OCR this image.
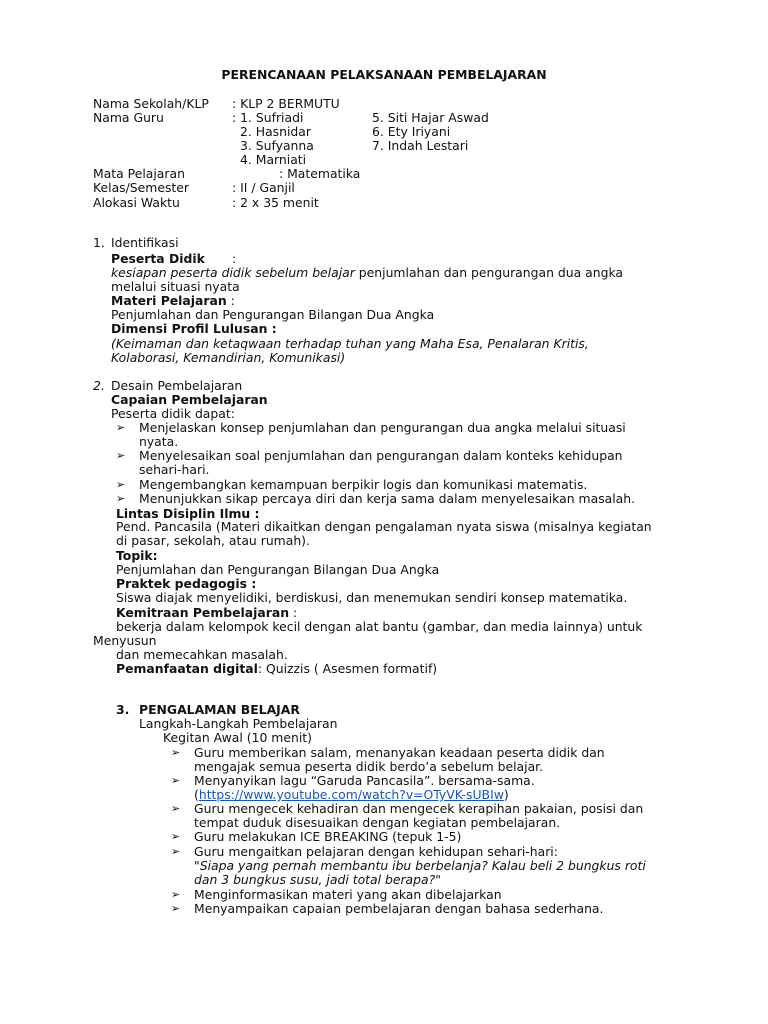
PERENCANAAN PELAKSANAAN PEMBELAJARAN
Nama Sekolah/KLP : KLP 2 BERMUTU
Nama Guru	: 1. Sufriadi
2. Hasnidar
3. Sufyanna
4. Marniati
5. Siti Hajar Aswad
6. Ety Iriyani
7. Indah Lestari
Mata Pelajaran	: Matematika
Kelas/Semester	: II / Ganjil
Alokasi Waktu	: 2 x 35 menit
1. Identifikasi
Peserta Didik :
kesiapan peserta didik sebelum belajar penjumlahan dan pengurangan dua angka
melalui situasi nyata
Materi Pelajaran :
Penjumlahan dan Pengurangan Bilangan Dua Angka
Dimensi Profil Lulusan :
(Keimaman dan ketaqwaan terhadap tuhan yang Maha Esa, Penalaran Kritis,
Kolaborasi, Kemandirian, Komunikasi)
2. Desain Pembelajaran
Capaian Pembelajaran
Peserta didik dapat:
➢ Menjelaskan konsep penjumlahan dan pengurangan dua angka melalui situasi
nyata.
➢ Menyelesaikan soal penjumlahan dan pengurangan dalam konteks kehidupan
sehari-hari.
➢ Mengembangkan kemampuan berpikir logis dan komunikasi matematis.
➢ Menunjukkan sikap percaya diri dan kerja sama dalam menyelesaikan masalah.
Lintas Disiplin Ilmu :
Pend. Pancasila (Materi dikaitkan dengan pengalaman nyata siswa (misalnya kegiatan
di pasar, sekolah, atau rumah).
Topik:
Penjumlahan dan Pengurangan Bilangan Dua Angka
Praktek pedagogis :
Siswa diajak menyelidiki, berdiskusi, dan menemukan sendiri konsep matematika.
Kemitraan Pembelajaran :
bekerja dalam kelompok kecil dengan alat bantu (gambar, dan media lainnya) untuk
Menyusun
dan memecahkan masalah.
Pemanfaatan digital: Quizzis ( Asesmen formatif)
3. PENGALAMAN BELAJAR
Langkah-Langkah Pembelajaran
Kegitan Awal (10 menit)
➢ Guru memberikan salam, menanyakan keadaan peserta didik dan
mengajak semua peserta didik berdo’a sebelum belajar.
➢ Menyanyikan lagu “Garuda Pancasila”. bersama-sama.
(https://www.youtube.com/watch?v=OTyVK-sUBIw)
➢ Guru mengecek kehadiran dan mengecek kerapihan pakaian, posisi dan
tempat duduk disesuaikan dengan kegiatan pembelajaran.
➢ Guru melakukan ICE BREAKING (tepuk 1-5)
➢ Guru mengaitkan pelajaran dengan kehidupan sehari-hari:
"Siapa yang pernah membantu ibu berbelanja? Kalau beli 2 bungkus roti
dan 3 bungkus susu, jadi total berapa?"
➢ Menginformasikan materi yang akan dibelajarkan
➢ Menyampaikan capaian pembelajaran dengan bahasa sederhana.
